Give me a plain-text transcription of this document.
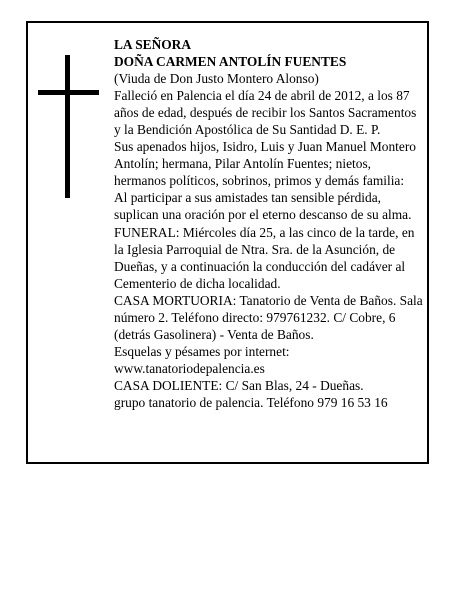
LA SEÑORA

DOÑA CARMEN ANTOLÍN FUENTES

(Viuda de Don Justo Montero Alonso)

Falleció en Palencia el día 24 de abril de 2012, a los 87 años de edad, después de recibir los Santos Sacramentos y la Bendición Apostólica de Su Santidad D. E. P.

Sus apenados hijos, Isidro, Luis y Juan Manuel Montero Antolín; hermana, Pilar Antolín Fuentes; nietos, hermanos políticos, sobrinos, primos y demás familia:

Al participar a sus amistades tan sensible pérdida, suplican una oración por el eterno descanso de su alma.

FUNERAL: Miércoles día 25, a las cinco de la tarde, en la Iglesia Parroquial de Ntra. Sra. de la Asunción, de Dueñas, y a continuación la conducción del cadáver al Cementerio de dicha localidad.

CASA MORTUORIA: Tanatorio de Venta de Baños. Sala número 2. Teléfono directo: 979761232. C/ Cobre, 6 (detrás Gasolinera) - Venta de Baños.

Esquelas y pésames por internet: www.tanatoriodepalencia.es

CASA DOLIENTE: C/ San Blas, 24 - Dueñas.

grupo tanatorio de palencia. Teléfono 979 16 53 16
